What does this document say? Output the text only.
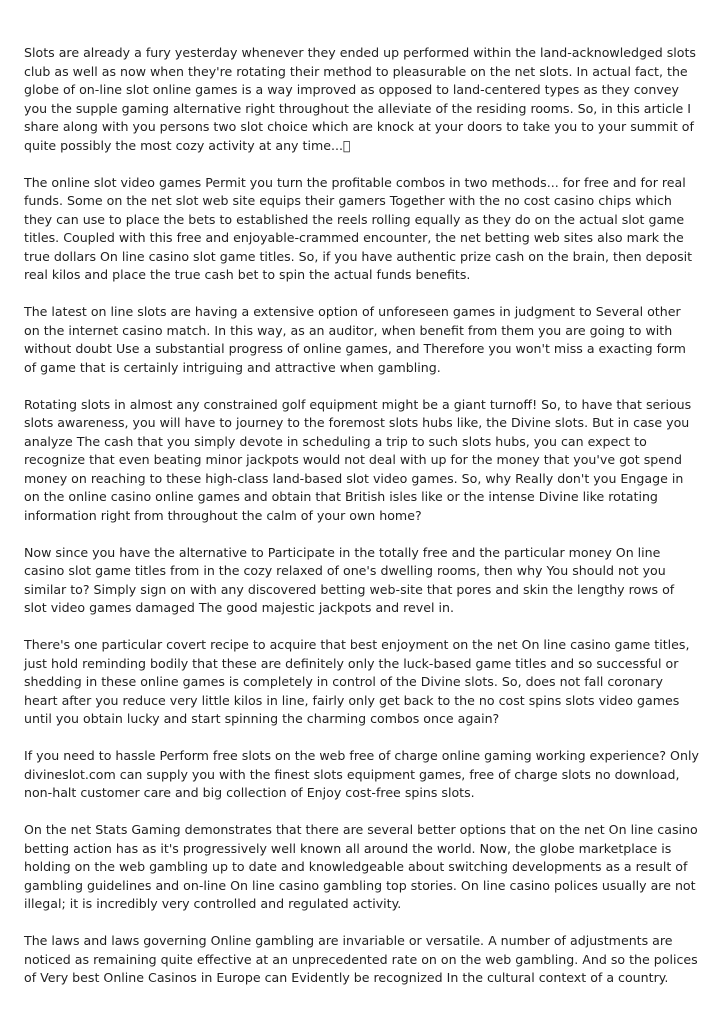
Slots are already a fury yesterday whenever they ended up performed within the land-acknowledged slots club as well as now when they're rotating their method to pleasurable on the net slots. In actual fact, the globe of on-line slot online games is a way improved as opposed to land-centered types as they convey you the supple gaming alternative right throughout the alleviate of the residing rooms. So, in this article I share along with you persons two slot choice which are knock at your doors to take you to your summit of quite possibly the most cozy activity at any time... 

The online slot video games Permit you turn the profitable combos in two methods... for free and for real funds. Some on the net slot web site equips their gamers Together with the no cost casino chips which they can use to place the bets to established the reels rolling equally as they do on the actual slot game titles. Coupled with this free and enjoyable-crammed encounter, the net betting web sites also mark the true dollars On line casino slot game titles. So, if you have authentic prize cash on the brain, then deposit real kilos and place the true cash bet to spin the actual funds benefits.

The latest on line slots are having a extensive option of unforeseen games in judgment to Several other on the internet casino match. In this way, as an auditor, when benefit from them you are going to with without doubt Use a substantial progress of online games, and Therefore you won't miss a exacting form of game that is certainly intriguing and attractive when gambling.

Rotating slots in almost any constrained golf equipment might be a giant turnoff! So, to have that serious slots awareness, you will have to journey to the foremost slots hubs like, the Divine slots. But in case you analyze The cash that you simply devote in scheduling a trip to such slots hubs, you can expect to recognize that even beating minor jackpots would not deal with up for the money that you've got spend money on reaching to these high-class land-based slot video games. So, why Really don't you Engage in on the online casino online games and obtain that British isles like or the intense Divine like rotating information right from throughout the calm of your own home?

Now since you have the alternative to Participate in the totally free and the particular money On line casino slot game titles from in the cozy relaxed of one's dwelling rooms, then why You should not you similar to? Simply sign on with any discovered betting web-site that pores and skin the lengthy rows of slot video games damaged The good majestic jackpots and revel in.

There's one particular covert recipe to acquire that best enjoyment on the net On line casino game titles, just hold reminding bodily that these are definitely only the luck-based game titles and so successful or shedding in these online games is completely in control of the Divine slots. So, does not fall coronary heart after you reduce very little kilos in line, fairly only get back to the no cost spins slots video games until you obtain lucky and start spinning the charming combos once again?

If you need to hassle Perform free slots on the web free of charge online gaming working experience? Only divineslot.com can supply you with the finest slots equipment games, free of charge slots no download, non-halt customer care and big collection of Enjoy cost-free spins slots.

On the net Stats Gaming demonstrates that there are several better options that on the net On line casino betting action has as it's progressively well known all around the world. Now, the globe marketplace is holding on the web gambling up to date and knowledgeable about switching developments as a result of gambling guidelines and on-line On line casino gambling top stories. On line casino polices usually are not illegal; it is incredibly very controlled and regulated activity.

The laws and laws governing Online gambling are invariable or versatile. A number of adjustments are noticed as remaining quite effective at an unprecedented rate on on the web gambling. And so the polices of Very best Online Casinos in Europe can Evidently be recognized In the cultural context of a country.
